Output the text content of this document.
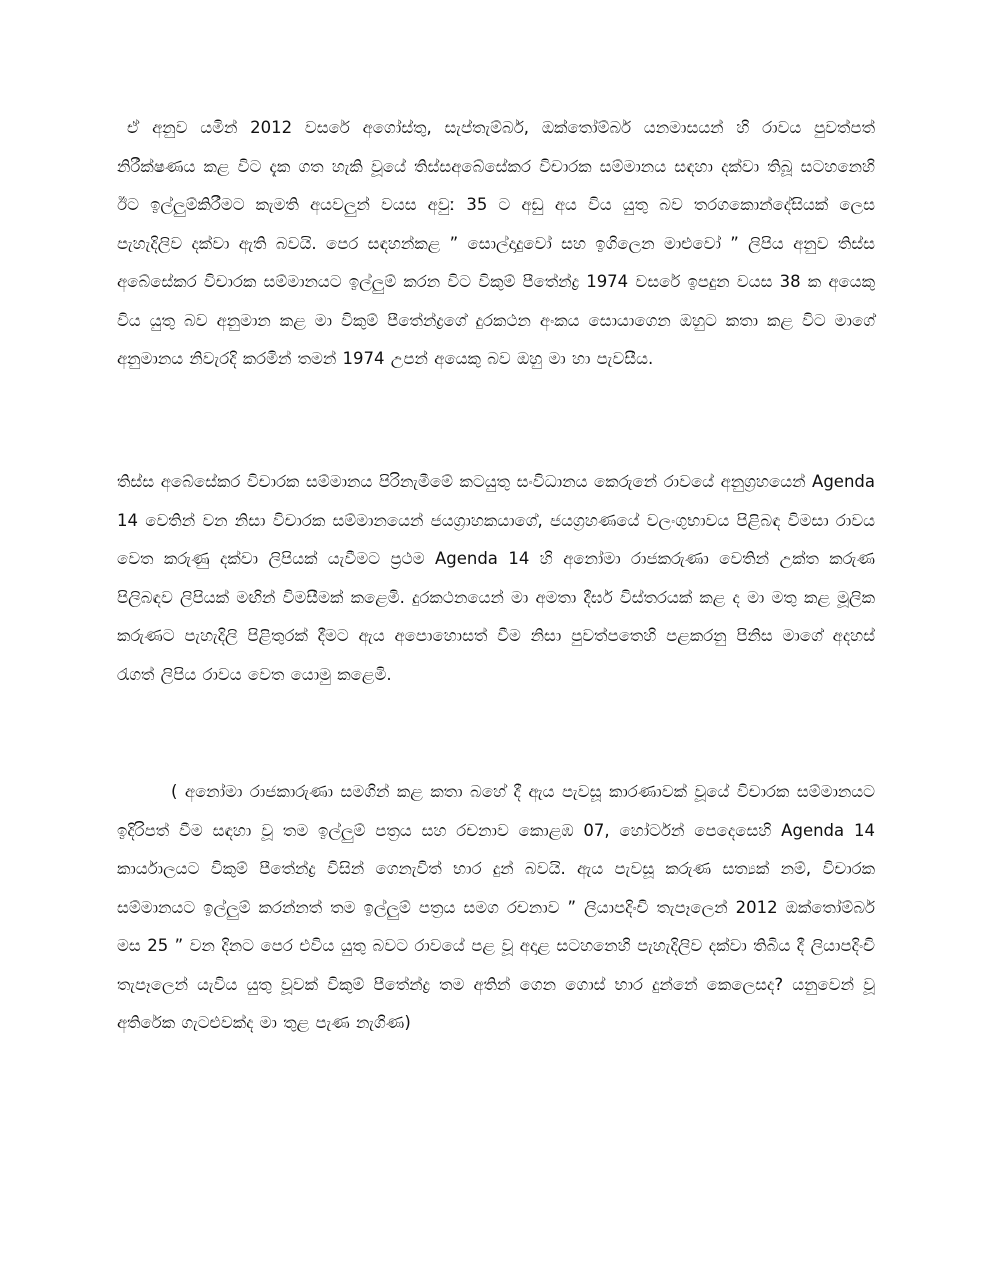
ඒ අනුව යමින් 2012 වසරේ අගෝස්තු, සැප්තැම්බර්, ඔක්තෝම්බර් යනමාසයන් හි රාවය පුවත්පත් නිරීක්ෂණය කළ විට දැක ගත හැකි වූයේ තිස්සඅබේසේකර විචාරක සම්මානය සඳහා දක්වා තිබූ සටහනෙහි ඊට ඉල්ලුම්කිරීමට කැමති අයවලුන් වයස අවුː 35 ට අඩු අය විය යුතු බව තරගකොන්දේසියක් ලෙස පැහැදිලිව දක්වා ඇති බවයි. පෙර සඳහන්කළ ” සොල්දාදුවෝ සහ ඉගිලෙන මාළුවෝ ” ලිපිය අනුව තිස්ස අබේසේකර විචාරක සම්මානයට ඉල්ලුම් කරන විට විකුම් පීතේන්ද්‍ර 1974 වසරේ ඉපදුන වයස 38 ක අයෙකු විය යුතු බව අනුමාන කළ මා විකුම් පීතේන්ද්‍රගේ දුරකථන අංකය සොයාගෙන ඔහුට කතා කළ විට මාගේ අනුමානය නිවැරදි කරමින් තමන් 1974 උපන් අයෙකු බව ඔහු මා හා පැවසීය.

තිස්ස අබේසේකර විචාරක සම්මානය පිරිනැමීමේ කටයුතු සංවිධානය කෙරුනේ රාවයේ අනුග්‍රහයෙන් Agenda 14 වෙතින් වන නිසා විචාරක සම්මානයෙන් ජයග්‍රාහකයාගේ, ජයග්‍රහණයේ වලංගුභාවය පිළිබඳ විමසා රාවය වෙත කරුණු දක්වා ලිපියක් යැවීමට ප්‍රථම Agenda 14 හි අනෝමා රාජකරුණා වෙතින් උක්ත කරුණ පිලිබඳව ලිපියක් මඟින් විමසීමක් කළෙමි. දුරකථනයෙන් මා අමතා දීර්ඝ විස්තරයක් කළ ද මා මතු කළ මූලික කරුණට පැහැදිලි පිළිතුරක් දීමට ඇය අපොහොසත් වීම නිසා පුවත්පතෙහි පළකරනු පිනිස මාගේ අදහස් රැගත් ලිපිය රාවය වෙත යොමු කළෙමි.

( අනෝමා රාජකාරුණා සමගින් කළ කතා බහේ දී ඇය පැවසූ කාරණාවක් වූයේ විචාරක සම්මානයට ඉදිරිපත් වීම සඳහා වූ තම ඉල්ලුම් පත්‍රය සහ රචනාව කොළඹ 07, හෝර්ටන් පෙදෙසෙහි Agenda 14 කාර්යාලයට විකුම් පීතේන්ද්‍ර විසින් ගෙනැවිත් භාර දුන් බවයි. ඇය පැවසූ කරුණ සත්‍යක් නම්, විචාරක සම්මානයට ඉල්ලුම් කරන්නත් තම ඉල්ලුම් පත්‍රය සමග රචනාව ” ලියාපදිංචි තැපෑලෙන් 2012 ඔක්තෝම්බර් මස 25 ” වන දිනට පෙර එවිය යුතු බවට රාවයේ පළ වූ අදාළ සටහනෙහි පැහැදිලිව දක්වා තිබිය දී ලියාපදිංචි තැපෑලෙන් යැවිය යුතු වූවක් විකුම් පීතේන්ද්‍ර තම අතින් ගෙන ගොස් භාර දුන්නේ කෙලෙසද? යනුවෙන් වූ අතිරේක ගැටළුවක්ද මා තුළ පැණ නැගිණ)
